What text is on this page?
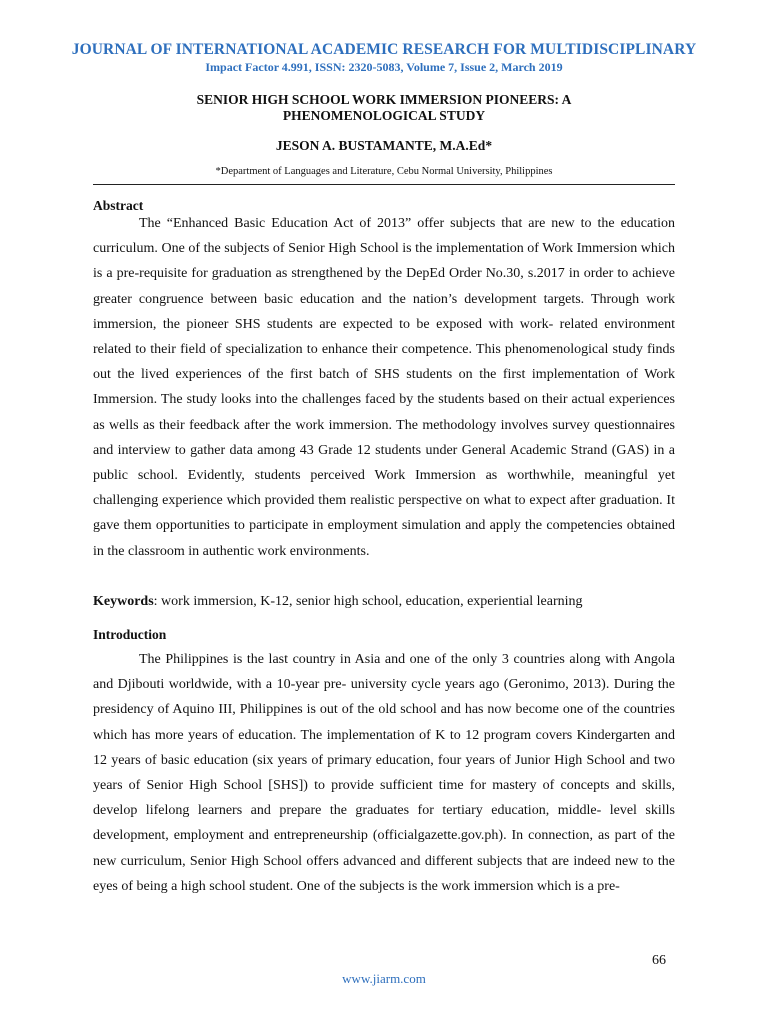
JOURNAL OF INTERNATIONAL ACADEMIC RESEARCH FOR MULTIDISCIPLINARY
Impact Factor 4.991, ISSN: 2320-5083, Volume 7, Issue 2, March 2019
SENIOR HIGH SCHOOL WORK IMMERSION PIONEERS: A PHENOMENOLOGICAL STUDY
JESON A. BUSTAMANTE, M.A.Ed*
*Department of Languages and Literature, Cebu Normal University, Philippines
Abstract

The “Enhanced Basic Education Act of 2013” offer subjects that are new to the education curriculum. One of the subjects of Senior High School is the implementation of Work Immersion which is a pre-requisite for graduation as strengthened by the DepEd Order No.30, s.2017 in order to achieve greater congruence between basic education and the nation’s development targets. Through work immersion, the pioneer SHS students are expected to be exposed with work- related environment related to their field of specialization to enhance their competence. This phenomenological study finds out the lived experiences of the first batch of SHS students on the first implementation of Work Immersion. The study looks into the challenges faced by the students based on their actual experiences as wells as their feedback after the work immersion. The methodology involves survey questionnaires and interview to gather data among 43 Grade 12 students under General Academic Strand (GAS) in a public school. Evidently, students perceived Work Immersion as worthwhile, meaningful yet challenging experience which provided them realistic perspective on what to expect after graduation. It gave them opportunities to participate in employment simulation and apply the competencies obtained in the classroom in authentic work environments.

Keywords: work immersion, K-12, senior high school, education, experiential learning
Introduction

The Philippines is the last country in Asia and one of the only 3 countries along with Angola and Djibouti worldwide, with a 10-year pre- university cycle years ago (Geronimo, 2013). During the presidency of Aquino III, Philippines is out of the old school and has now become one of the countries which has more years of education. The implementation of K to 12 program covers Kindergarten and 12 years of basic education (six years of primary education, four years of Junior High School and two years of Senior High School [SHS]) to provide sufficient time for mastery of concepts and skills, develop lifelong learners and prepare the graduates for tertiary education, middle- level skills development, employment and entrepreneurship (officialgazette.gov.ph). In connection, as part of the new curriculum, Senior High School offers advanced and different subjects that are indeed new to the eyes of being a high school student. One of the subjects is the work immersion which is a pre-

66
www.jiarm.com
